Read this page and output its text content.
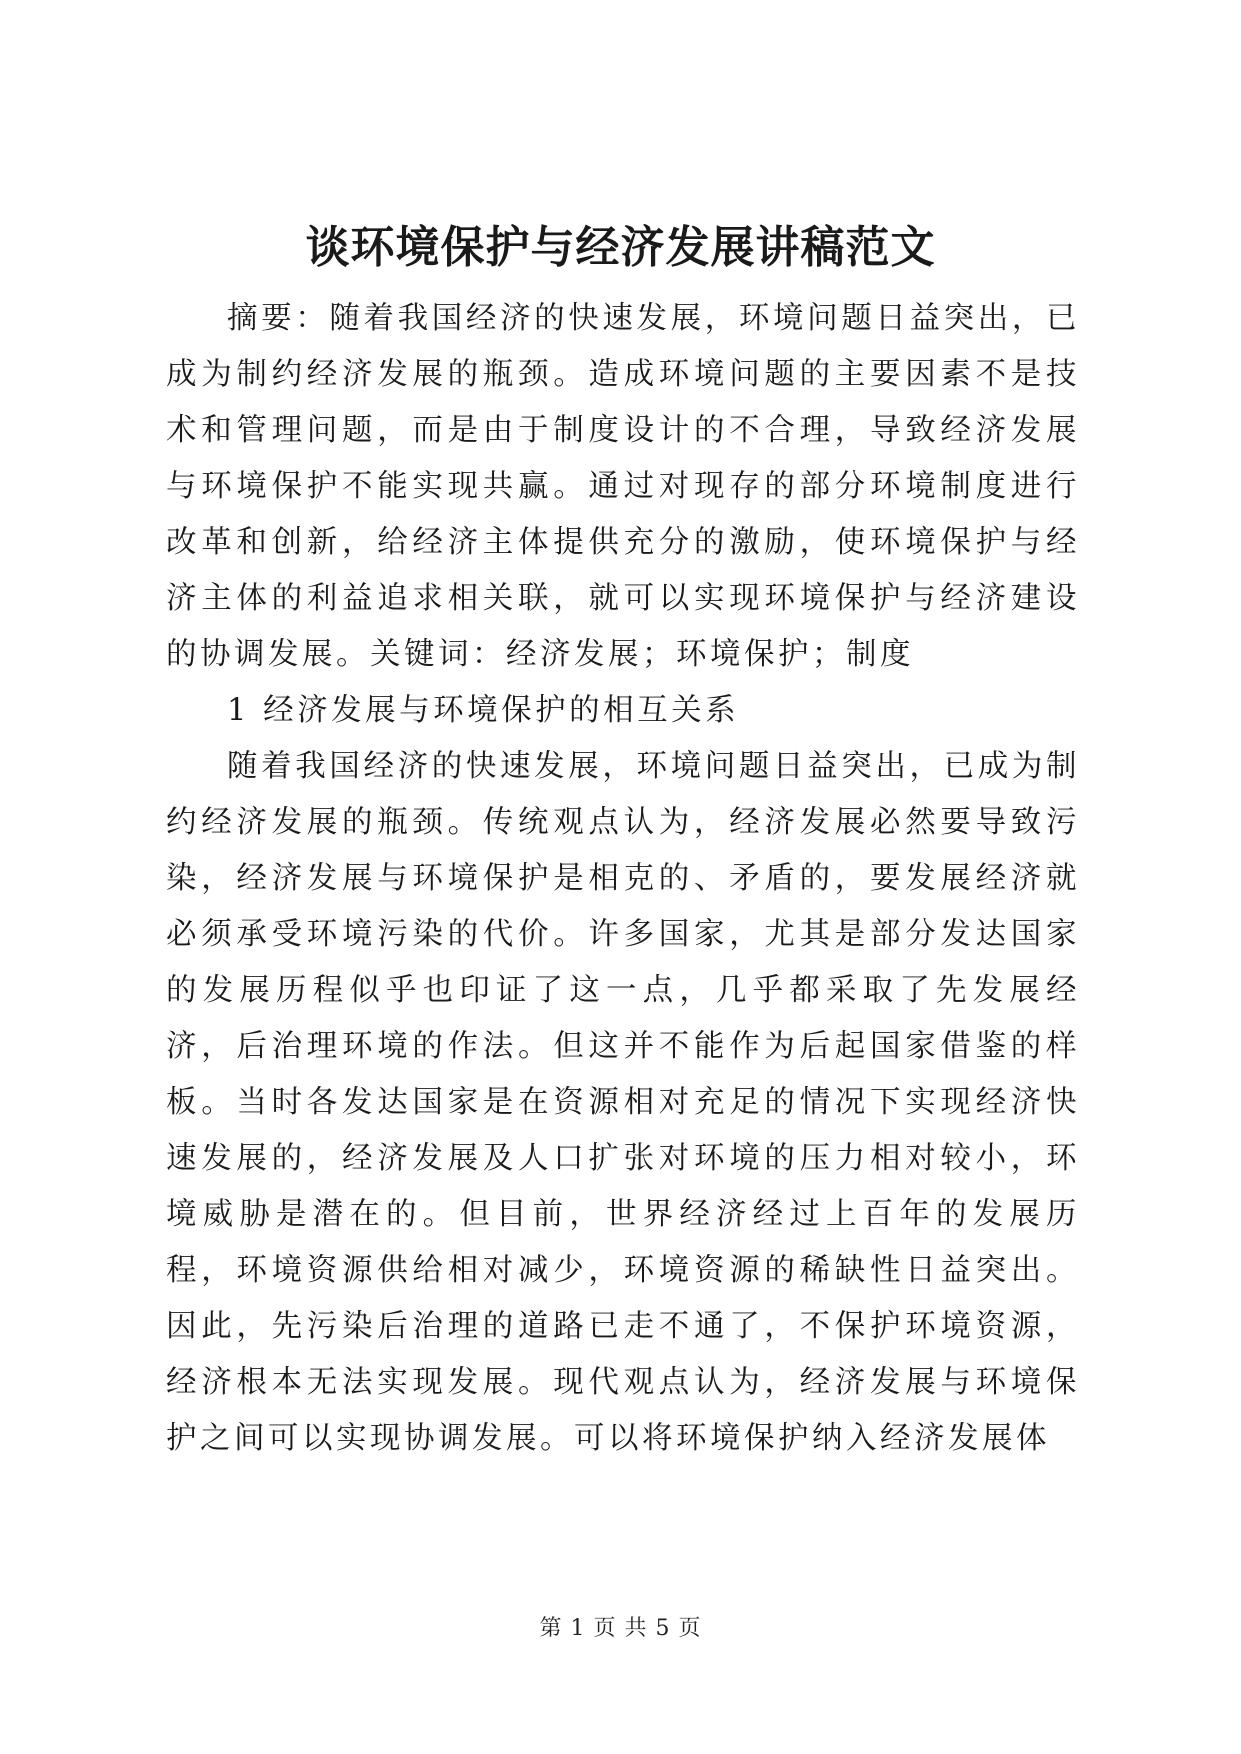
谈环境保护与经济发展讲稿范文

摘要：随着我国经济的快速发展，环境问题日益突出，已成为制约经济发展的瓶颈。造成环境问题的主要因素不是技术和管理问题，而是由于制度设计的不合理，导致经济发展与环境保护不能实现共赢。通过对现存的部分环境制度进行改革和创新，给经济主体提供充分的激励，使环境保护与经济主体的利益追求相关联，就可以实现环境保护与经济建设的协调发展。关键词：经济发展；环境保护；制度

1 经济发展与环境保护的相互关系

随着我国经济的快速发展，环境问题日益突出，已成为制约经济发展的瓶颈。传统观点认为，经济发展必然要导致污染，经济发展与环境保护是相克的、矛盾的，要发展经济就必须承受环境污染的代价。许多国家，尤其是部分发达国家的发展历程似乎也印证了这一点，几乎都采取了先发展经济，后治理环境的作法。但这并不能作为后起国家借鉴的样板。当时各发达国家是在资源相对充足的情况下实现经济快速发展的，经济发展及人口扩张对环境的压力相对较小，环境威胁是潜在的。但目前，世界经济经过上百年的发展历程，环境资源供给相对减少，环境资源的稀缺性日益突出。因此，先污染后治理的道路已走不通了，不保护环境资源，经济根本无法实现发展。现代观点认为，经济发展与环境保护之间可以实现协调发展。可以将环境保护纳入经济发展体

第 1 页 共 5 页
